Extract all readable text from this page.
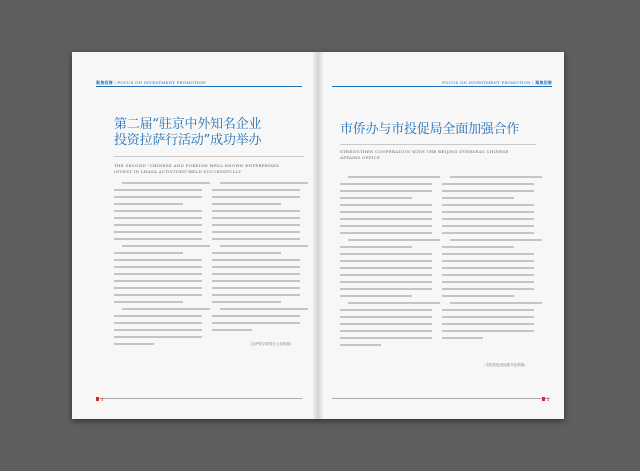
聚焦招商 | FOCUS ON INVESTMENT PROMOTION
第二届“驻京中外知名企业
投资拉萨行活动”成功举办
THE SECOND "CHINESE AND FOREIGN WELL-KNOWN ENTERPRISES
INVEST IN LHASA ACTIVITIES"HELD SUCCESSFULLY
（拉萨驻京联络办公室供稿）
4
FOCUS ON INVESTMENT PROMOTION | 聚焦招商
市侨办与市投促局全面加强合作
STRENGTHEN COOPERATION WITH THE BEIJING OVERSEAS CHINESE
AFFAIRS OFFICE
（市投资促进局秘书处供稿）
5
